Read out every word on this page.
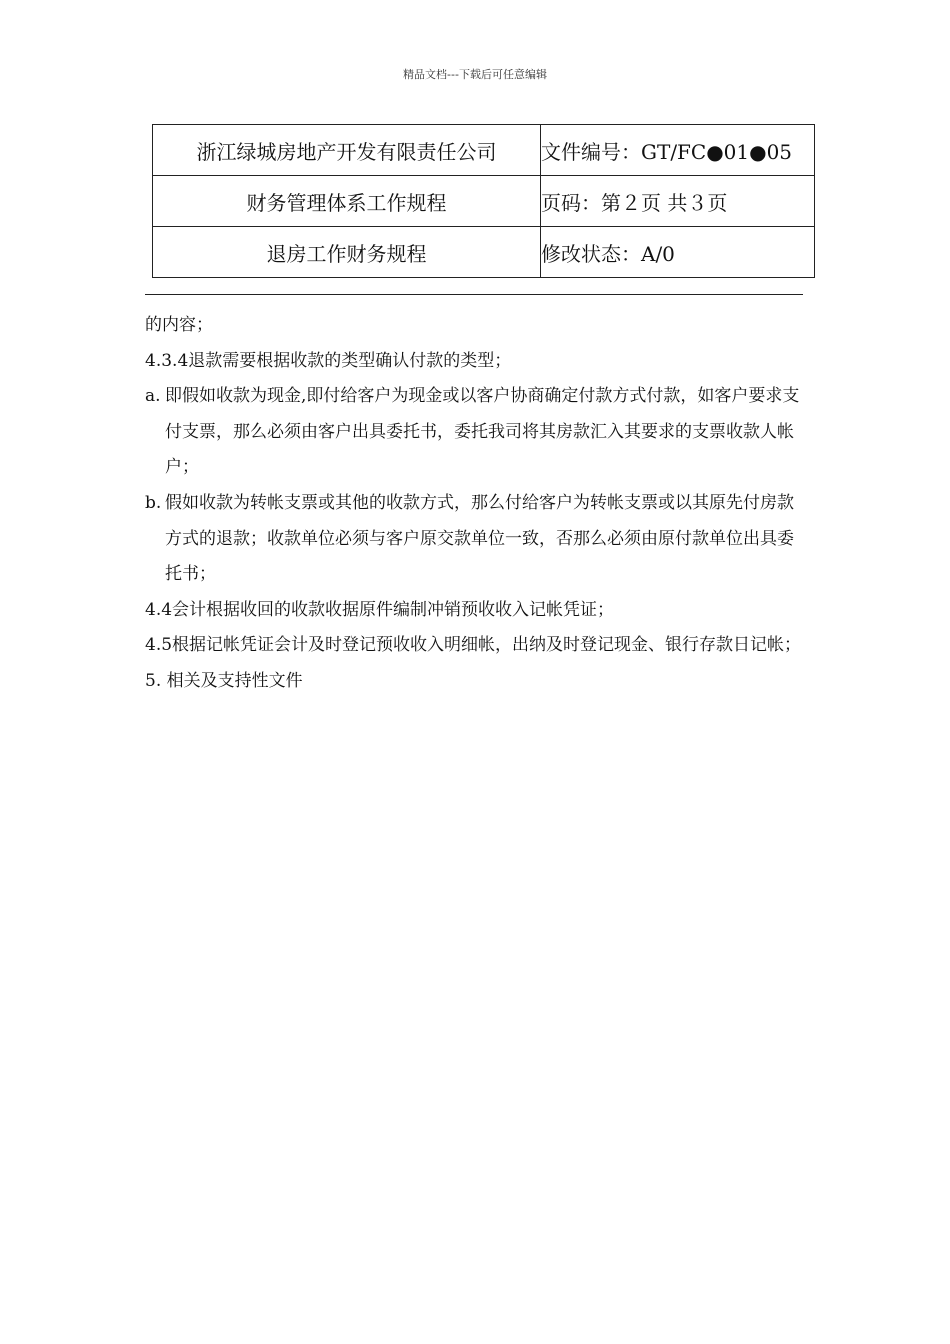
精品文档---下载后可任意编辑
浙江绿城房地产开发有限责任公司	文件编号：GT/FC●01●05
财务管理体系工作规程	页码：第２页 共３页
退房工作财务规程	修改状态：A/0

的内容；

4.3.4退款需要根据收款的类型确认付款的类型；

a. 即假如收款为现金,即付给客户为现金或以客户协商确定付款方式付款，如客户要求支付支票，那么必须由客户出具委托书，委托我司将其房款汇入其要求的支票收款人帐户；
b. 假如收款为转帐支票或其他的收款方式，那么付给客户为转帐支票或以其原先付房款方式的退款；收款单位必须与客户原交款单位一致，否那么必须由原付款单位出具委托书；

4.4会计根据收回的收款收据原件编制冲销预收收入记帐凭证；

4.5根据记帐凭证会计及时登记预收收入明细帐，出纳及时登记现金、银行存款日记帐；

5. 相关及支持性文件
